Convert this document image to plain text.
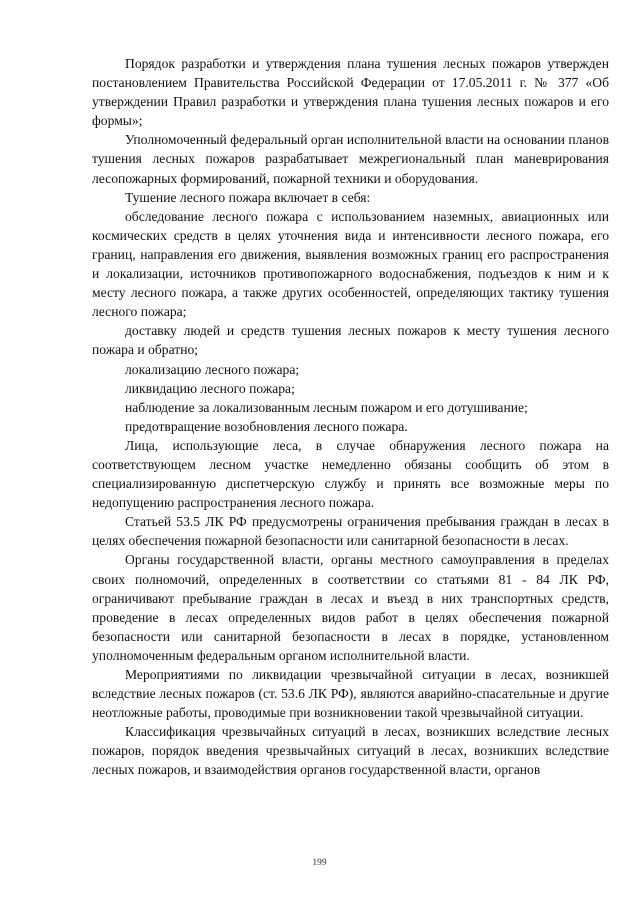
Порядок разработки и утверждения плана тушения лесных пожаров утвержден постановлением Правительства Российской Федерации от 17.05.2011 г. № 377 «Об утверждении Правил разработки и утверждения плана тушения лесных пожаров и его формы»;

Уполномоченный федеральный орган исполнительной власти на основании планов тушения лесных пожаров разрабатывает межрегиональный план маневрирования лесопожарных формирований, пожарной техники и оборудования.

Тушение лесного пожара включает в себя:

обследование лесного пожара с использованием наземных, авиационных или космических средств в целях уточнения вида и интенсивности лесного пожара, его границ, направления его движения, выявления возможных границ его распространения и локализации, источников противопожарного водоснабжения, подъездов к ним и к месту лесного пожара, а также других особенностей, определяющих тактику тушения лесного пожара;

доставку людей и средств тушения лесных пожаров к месту тушения лесного пожара и обратно;

локализацию лесного пожара;

ликвидацию лесного пожара;

наблюдение за локализованным лесным пожаром и его дотушивание;

предотвращение возобновления лесного пожара.

Лица, использующие леса, в случае обнаружения лесного пожара на соответствующем лесном участке немедленно обязаны сообщить об этом в специализированную диспетчерскую службу и принять все возможные меры по недопущению распространения лесного пожара.

Статьей 53.5 ЛК РФ предусмотрены ограничения пребывания граждан в лесах в целях обеспечения пожарной безопасности или санитарной безопасности в лесах.

Органы государственной власти, органы местного самоуправления в пределах своих полномочий, определенных в соответствии со статьями 81 - 84 ЛК РФ, ограничивают пребывание граждан в лесах и въезд в них транспортных средств, проведение в лесах определенных видов работ в целях обеспечения пожарной безопасности или санитарной безопасности в лесах в порядке, установленном уполномоченным федеральным органом исполнительной власти.

Мероприятиями по ликвидации чрезвычайной ситуации в лесах, возникшей вследствие лесных пожаров (ст. 53.6 ЛК РФ), являются аварийно-спасательные и другие неотложные работы, проводимые при возникновении такой чрезвычайной ситуации.

Классификация чрезвычайных ситуаций в лесах, возникших вследствие лесных пожаров, порядок введения чрезвычайных ситуаций в лесах, возникших вследствие лесных пожаров, и взаимодействия органов государственной власти, органов

199
